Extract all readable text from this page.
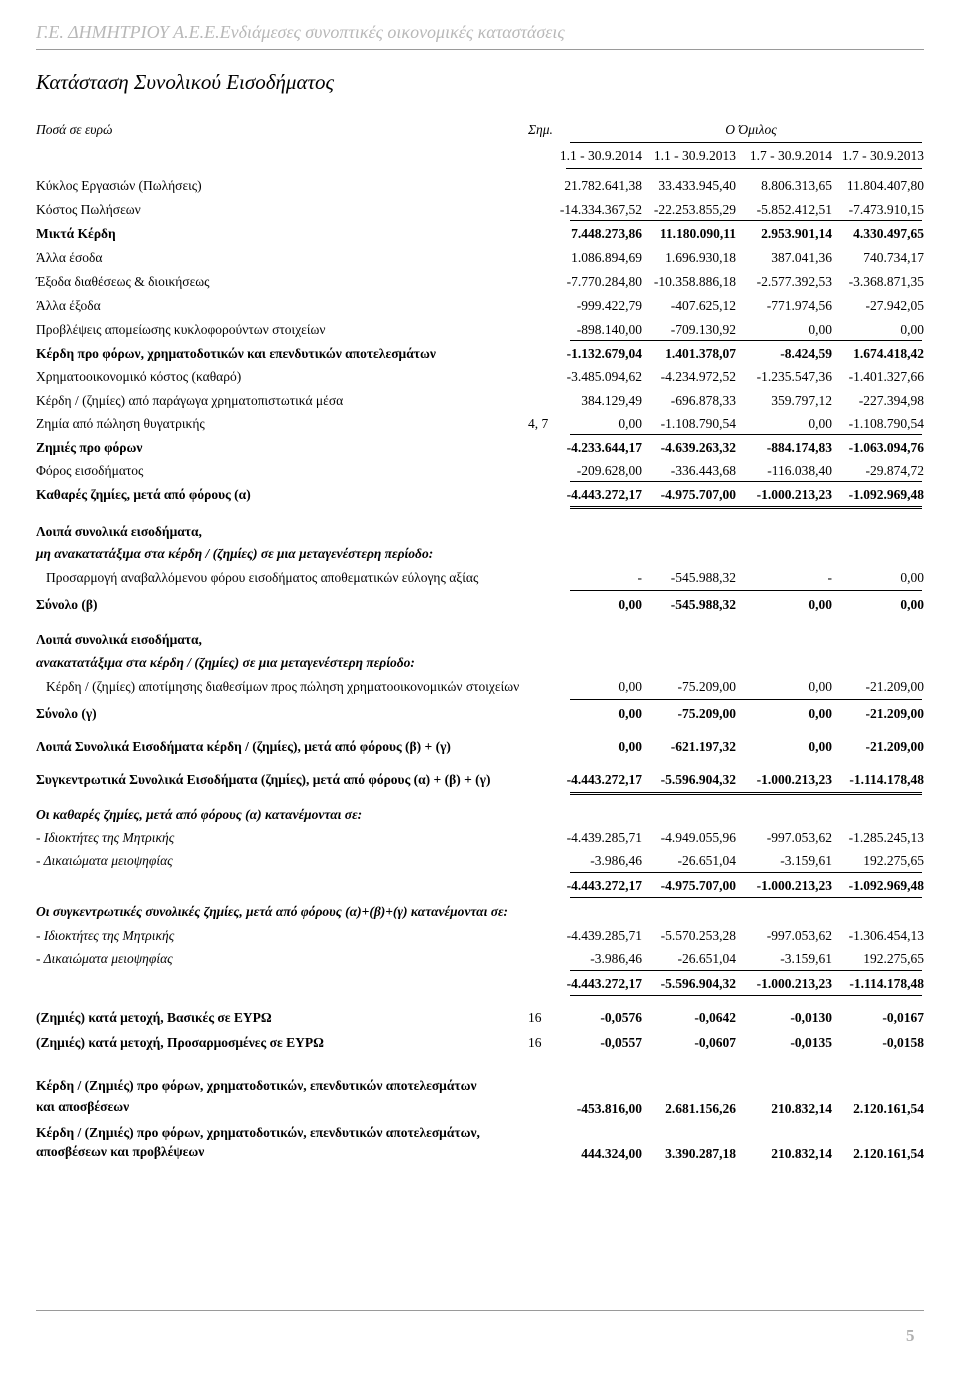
Γ.Ε. ΔΗΜΗΤΡΙΟΥ Α.Ε.Ε.Ενδιάμεσες συνοπτικές οικονομικές καταστάσεις
Κατάσταση Συνολικού Εισοδήματος
Ποσά σε ευρώ	Σημ.	Ο Όμιλος
1.1 - 30.9.2014 1.1 - 30.9.2013	1.7 - 30.9.2014 1.7 - 30.9.2013
Κύκλος Εργασιών (Πωλήσεις)	21.782.641,38	33.433.945,40	8.806.313,65	11.804.407,80
Κόστος Πωλήσεων	-14.334.367,52 -22.253.855,29	-5.852.412,51	-7.473.910,15
Μικτά Κέρδη	7.448.273,86	11.180.090,11	2.953.901,14	4.330.497,65
Άλλα έσοδα	1.086.894,69	1.696.930,18	387.041,36	740.734,17
Έξοδα διαθέσεως & διοικήσεως	-7.770.284,80 -10.358.886,18	-2.577.392,53	-3.368.871,35
Άλλα έξοδα	-999.422,79	-407.625,12	-771.974,56	-27.942,05
Προβλέψεις απομείωσης κυκλοφορούντων στοιχείων	-898.140,00	-709.130,92	0,00	0,00
Κέρδη προ φόρων, χρηματοδοτικών και επενδυτικών αποτελεσμάτων	-1.132.679,04	1.401.378,07	-8.424,59	1.674.418,42
Χρηματοοικονομικό κόστος (καθαρό)	-3.485.094,62	-4.234.972,52	-1.235.547,36	-1.401.327,66
Κέρδη / (ζημίες) από παράγωγα χρηματοπιστωτικά μέσα	384.129,49	-696.878,33	359.797,12	-227.394,98
Ζημία από πώληση θυγατρικής	4, 7	0,00	-1.108.790,54	0,00	-1.108.790,54
Ζημιές προ φόρων	-4.233.644,17	-4.639.263,32	-884.174,83	-1.063.094,76
Φόρος εισοδήματος	-209.628,00	-336.443,68	-116.038,40	-29.874,72
Καθαρές ζημίες, μετά από φόρους (α)	-4.443.272,17	-4.975.707,00	-1.000.213,23	-1.092.969,48
Λοιπά συνολικά εισοδήματα,
μη ανακατατάξιμα στα κέρδη / (ζημίες) σε μια μεταγενέστερη περίοδο:
Προσαρμογή αναβαλλόμενου φόρου εισοδήματος αποθεματικών εύλογης αξίας	-	-545.988,32	-	0,00
Σύνολο (β)	0,00	-545.988,32	0,00	0,00
Λοιπά συνολικά εισοδήματα,
ανακατατάξιμα στα κέρδη / (ζημίες) σε μια μεταγενέστερη περίοδο:
Κέρδη / (ζημίες) αποτίμησης διαθεσίμων προς πώληση χρηματοοικονομικών στοιχείων	0,00	-75.209,00	0,00	-21.209,00
Σύνολο (γ)	0,00	-75.209,00	0,00	-21.209,00
Λοιπά Συνολικά Εισοδήματα κέρδη / (ζημίες), μετά από φόρους (β) + (γ)	0,00	-621.197,32	0,00	-21.209,00
Συγκεντρωτικά Συνολικά Εισοδήματα (ζημίες), μετά από φόρους (α) + (β) + (γ)	-4.443.272,17	-5.596.904,32	-1.000.213,23	-1.114.178,48
Οι καθαρές ζημίες, μετά από φόρους (α) κατανέμονται σε:
- Ιδιοκτήτες της Μητρικής	-4.439.285,71	-4.949.055,96	-997.053,62	-1.285.245,13
- Δικαιώματα μειοψηφίας	-3.986,46	-26.651,04	-3.159,61	192.275,65
-4.443.272,17	-4.975.707,00	-1.000.213,23	-1.092.969,48
Οι συγκεντρωτικές συνολικές ζημίες, μετά από φόρους (α)+(β)+(γ) κατανέμονται σε:
- Ιδιοκτήτες της Μητρικής	-4.439.285,71	-5.570.253,28	-997.053,62	-1.306.454,13
- Δικαιώματα μειοψηφίας	-3.986,46	-26.651,04	-3.159,61	192.275,65
-4.443.272,17	-5.596.904,32	-1.000.213,23	-1.114.178,48
(Ζημιές) κατά μετοχή, Βασικές σε ΕΥΡΩ	16	-0,0576	-0,0642	-0,0130	-0,0167
(Ζημιές) κατά μετοχή, Προσαρμοσμένες σε ΕΥΡΩ	16	-0,0557	-0,0607	-0,0135	-0,0158
Κέρδη / (Ζημιές) προ φόρων, χρηματοδοτικών, επενδυτικών αποτελεσμάτων
και αποσβέσεων	-453.816,00	2.681.156,26	210.832,14	2.120.161,54
Κέρδη / (Ζημιές) προ φόρων, χρηματοδοτικών, επενδυτικών αποτελεσμάτων,
αποσβέσεων και προβλέψεων	444.324,00	3.390.287,18	210.832,14	2.120.161,54
5
